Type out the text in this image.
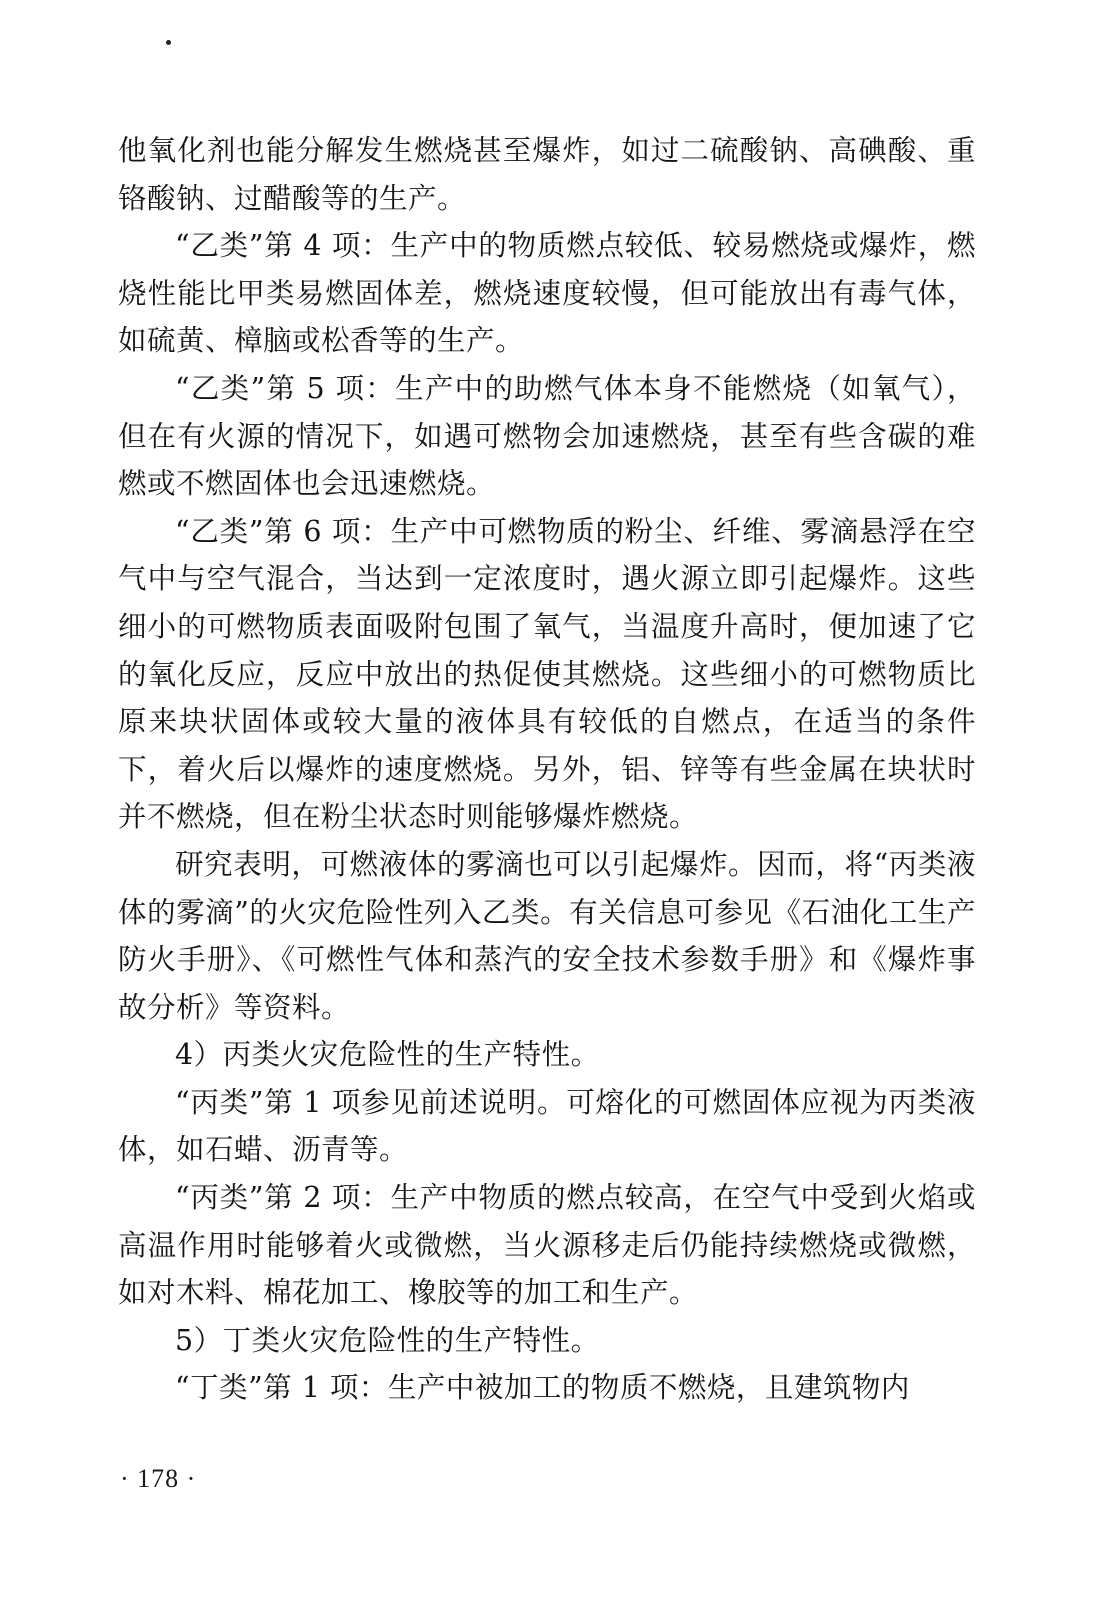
他氧化剂也能分解发生燃烧甚至爆炸，如过二硫酸钠、高碘酸、重铬酸钠、过醋酸等的生产。

“乙类”第 4 项：生产中的物质燃点较低、较易燃烧或爆炸，燃烧性能比甲类易燃固体差，燃烧速度较慢，但可能放出有毒气体，如硫黄、樟脑或松香等的生产。

“乙类”第 5 项：生产中的助燃气体本身不能燃烧（如氧气），但在有火源的情况下，如遇可燃物会加速燃烧，甚至有些含碳的难燃或不燃固体也会迅速燃烧。

“乙类”第 6 项：生产中可燃物质的粉尘、纤维、雾滴悬浮在空气中与空气混合，当达到一定浓度时，遇火源立即引起爆炸。这些细小的可燃物质表面吸附包围了氧气，当温度升高时，便加速了它的氧化反应，反应中放出的热促使其燃烧。这些细小的可燃物质比原来块状固体或较大量的液体具有较低的自燃点，在适当的条件下，着火后以爆炸的速度燃烧。另外，铝、锌等有些金属在块状时并不燃烧，但在粉尘状态时则能够爆炸燃烧。

研究表明，可燃液体的雾滴也可以引起爆炸。因而，将“丙类液体的雾滴”的火灾危险性列入乙类。有关信息可参见《石油化工生产防火手册》、《可燃性气体和蒸汽的安全技术参数手册》和《爆炸事故分析》等资料。

4）丙类火灾危险性的生产特性。

“丙类”第 1 项参见前述说明。可熔化的可燃固体应视为丙类液体，如石蜡、沥青等。

“丙类”第 2 项：生产中物质的燃点较高，在空气中受到火焰或高温作用时能够着火或微燃，当火源移走后仍能持续燃烧或微燃，如对木料、棉花加工、橡胶等的加工和生产。

5）丁类火灾危险性的生产特性。

“丁类”第 1 项：生产中被加工的物质不燃烧，且建筑物内

· 178 ·
